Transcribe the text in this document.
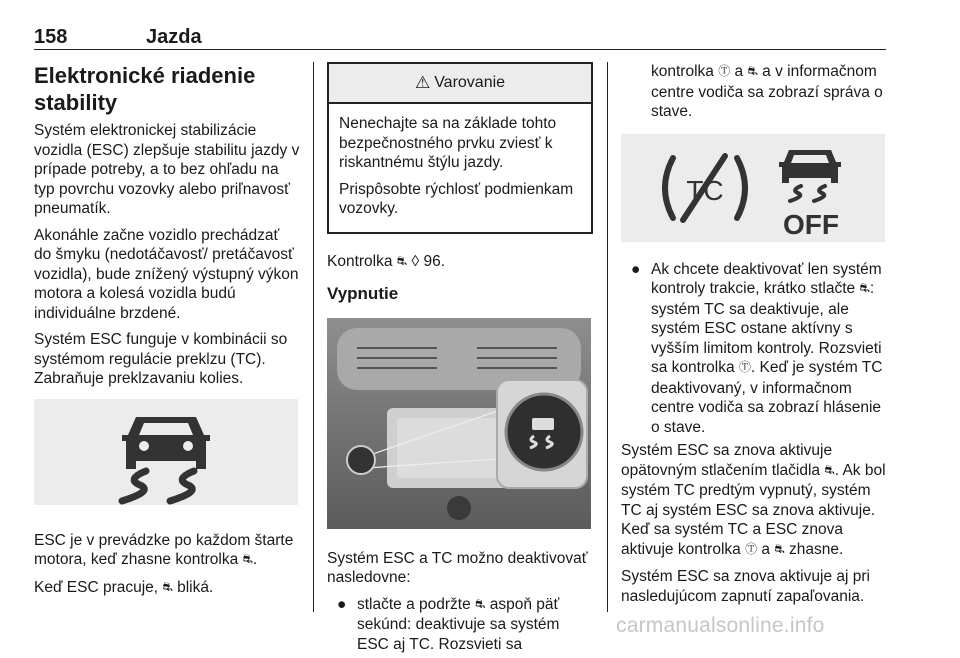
158	Jazda
Elektronické riadenie stability

Systém elektronickej stabilizácie vozidla (ESC) zlepšuje stabilitu jazdy v prípade potreby, a to bez ohľadu na typ povrchu vozovky alebo priľnavosť pneumatík.

Akonáhle začne vozidlo prechádzať do šmyku (nedotáčavosť/ pretáčavosť vozidla), bude znížený výstupný výkon motora a kolesá vozidla budú individuálne brzdené.

Systém ESC funguje v kombinácii so systémom regulácie preklzu (TC). Zabraňuje preklzavaniu kolies.

ESC je v prevádzke po každom štarte motora, keď zhasne kontrolka ⛐.

Keď ESC pracuje, ⛐ bliká.

⚠ Varovanie

Nenechajte sa na základe tohto bezpečnostného prvku zviesť k riskantnému štýlu jazdy.

Prispôsobte rýchlosť podmienkam vozovky.

Kontrolka ⛐ ◊ 96.

Vypnutie

Systém ESC a TC možno deaktivovať nasledovne:

● stlačte a podržte ⛐ aspoň päť sekúnd: deaktivuje sa systém ESC aj TC. Rozsvieti sa

kontrolka Ⓣ a ⛐ a v informačnom centre vodiča sa zobrazí správa o stave.

TC
OFF
● Ak chcete deaktivovať len systém kontroly trakcie, krátko stlačte ⛐: systém TC sa deaktivuje, ale systém ESC ostane aktívny s vyšším limitom kontroly. Rozsvieti sa kontrolka Ⓣ. Keď je systém TC deaktivovaný, v informačnom centre vodiča sa zobrazí hlásenie o stave.

Systém ESC sa znova aktivuje opätovným stlačením tlačidla ⛐. Ak bol systém TC predtým vypnutý, systém TC aj systém ESC sa znova aktivuje. Keď sa systém TC a ESC znova aktivuje kontrolka Ⓣ a ⛐ zhasne.

Systém ESC sa znova aktivuje aj pri nasledujúcom zapnutí zapaľovania.

carmanualsonline.info
